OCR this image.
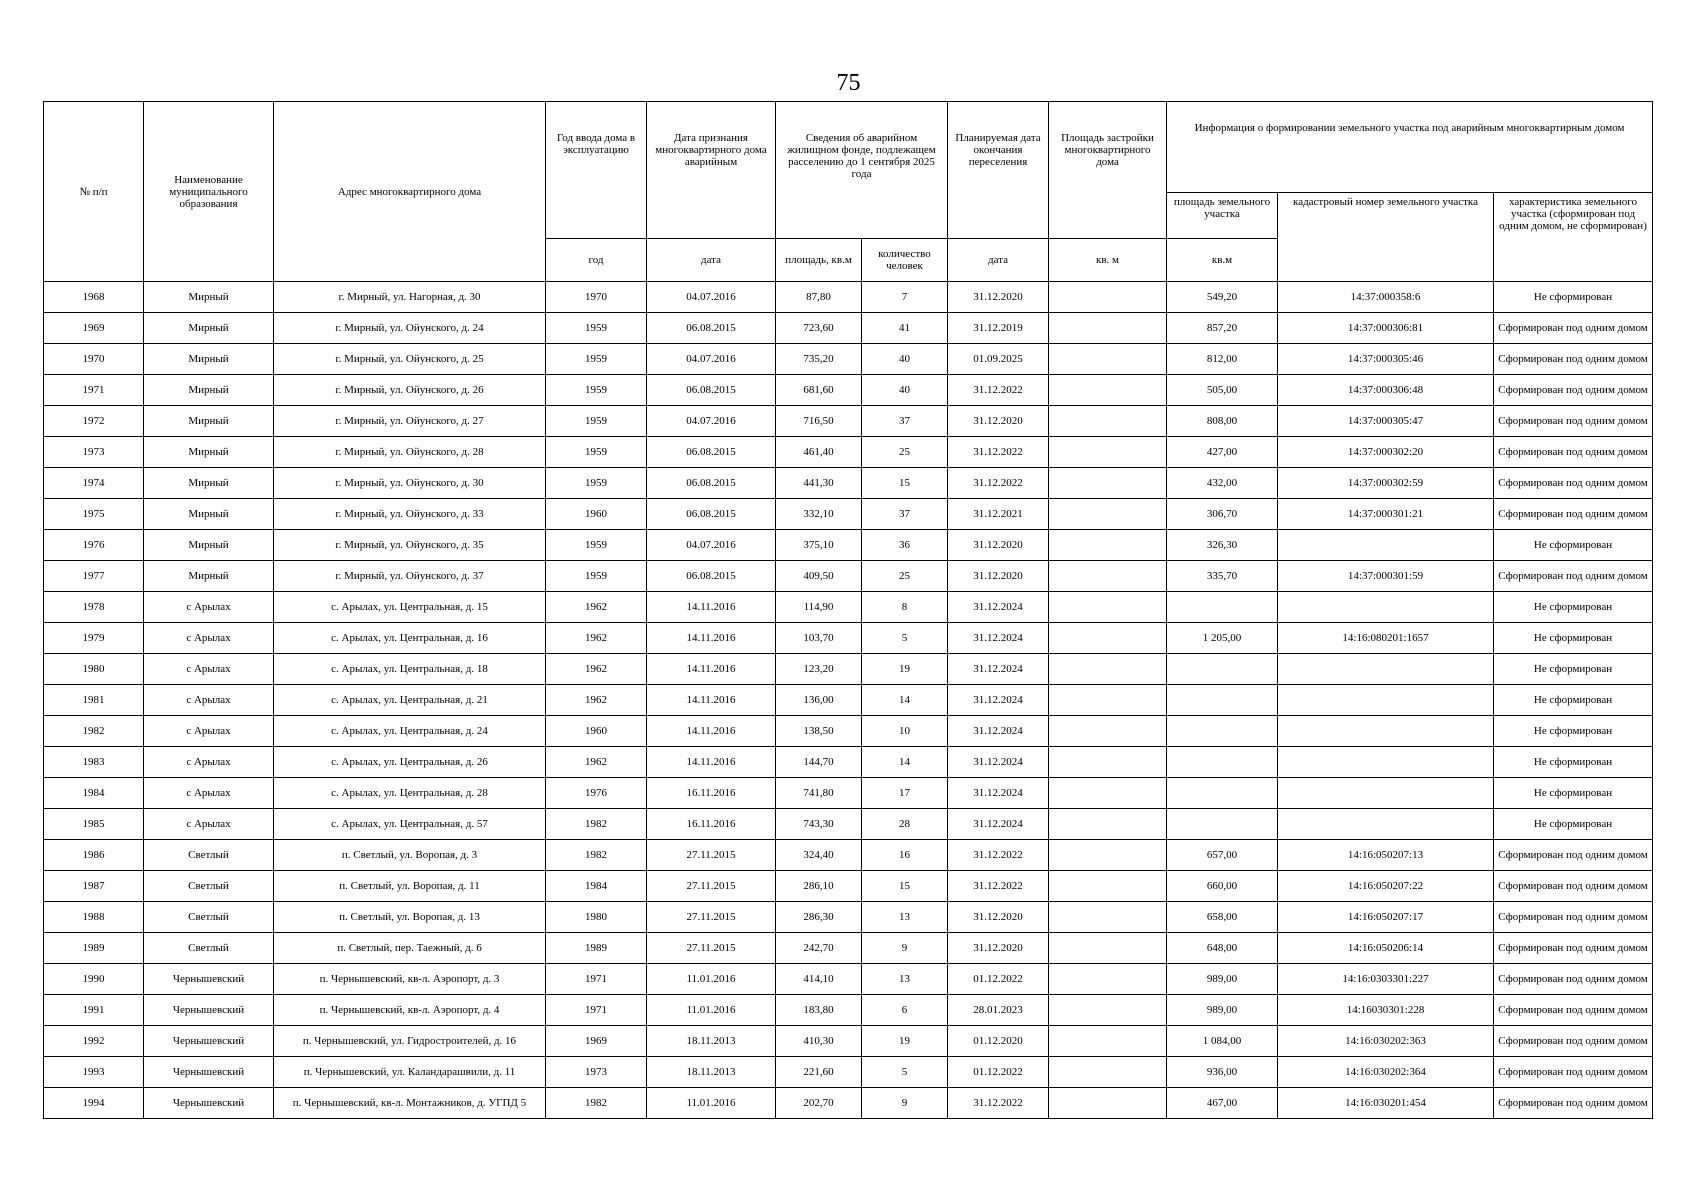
75
№ п/п	Наименование муниципального образования	Адрес многоквартирного дома	Год ввода дома в эксплуатацию	Дата признания многоквартирного дома аварийным	Сведения об аварийном жилищном фонде, подлежащем расселению до 1 сентября 2025 года		Планируемая дата окончания переселения	Площадь застройки многоквартирного дома	Информация о формировании земельного участка под аварийным многоквартирным домом		
									площадь земельного участка	кадастровый номер земельного участка	характеристика земельного участка (сформирован под одним домом, не сформирован)
			год	дата	площадь, кв.м	количество человек	дата	кв. м	кв.м		
1968	Мирный	г. Мирный, ул. Нагорная, д. 30	1970	04.07.2016	87,80	7	31.12.2020		549,20	14:37:000358:6	Не сформирован
1969	Мирный	г. Мирный, ул. Ойунского, д. 24	1959	06.08.2015	723,60	41	31.12.2019		857,20	14:37:000306:81	Сформирован под одним домом
1970	Мирный	г. Мирный, ул. Ойунского, д. 25	1959	04.07.2016	735,20	40	01.09.2025		812,00	14:37:000305:46	Сформирован под одним домом
1971	Мирный	г. Мирный, ул. Ойунского, д. 26	1959	06.08.2015	681,60	40	31.12.2022		505,00	14:37:000306:48	Сформирован под одним домом
1972	Мирный	г. Мирный, ул. Ойунского, д. 27	1959	04.07.2016	716,50	37	31.12.2020		808,00	14:37:000305:47	Сформирован под одним домом
1973	Мирный	г. Мирный, ул. Ойунского, д. 28	1959	06.08.2015	461,40	25	31.12.2022		427,00	14:37:000302:20	Сформирован под одним домом
1974	Мирный	г. Мирный, ул. Ойунского, д. 30	1959	06.08.2015	441,30	15	31.12.2022		432,00	14:37:000302:59	Сформирован под одним домом
1975	Мирный	г. Мирный, ул. Ойунского, д. 33	1960	06.08.2015	332,10	37	31.12.2021		306,70	14:37:000301:21	Сформирован под одним домом
1976	Мирный	г. Мирный, ул. Ойунского, д. 35	1959	04.07.2016	375,10	36	31.12.2020		326,30		Не сформирован
1977	Мирный	г. Мирный, ул. Ойунского, д. 37	1959	06.08.2015	409,50	25	31.12.2020		335,70	14:37:000301:59	Сформирован под одним домом
1978	с Арылах	с. Арылах, ул. Центральная, д. 15	1962	14.11.2016	114,90	8	31.12.2024				Не сформирован
1979	с Арылах	с. Арылах, ул. Центральная, д. 16	1962	14.11.2016	103,70	5	31.12.2024		1 205,00	14:16:080201:1657	Не сформирован
1980	с Арылах	с. Арылах, ул. Центральная, д. 18	1962	14.11.2016	123,20	19	31.12.2024				Не сформирован
1981	с Арылах	с. Арылах, ул. Центральная, д. 21	1962	14.11.2016	136,00	14	31.12.2024				Не сформирован
1982	с Арылах	с. Арылах, ул. Центральная, д. 24	1960	14.11.2016	138,50	10	31.12.2024				Не сформирован
1983	с Арылах	с. Арылах, ул. Центральная, д. 26	1962	14.11.2016	144,70	14	31.12.2024				Не сформирован
1984	с Арылах	с. Арылах, ул. Центральная, д. 28	1976	16.11.2016	741,80	17	31.12.2024				Не сформирован
1985	с Арылах	с. Арылах, ул. Центральная, д. 57	1982	16.11.2016	743,30	28	31.12.2024				Не сформирован
1986	Светлый	п. Светлый, ул. Воропая, д. 3	1982	27.11.2015	324,40	16	31.12.2022		657,00	14:16:050207:13	Сформирован под одним домом
1987	Светлый	п. Светлый, ул. Воропая, д. 11	1984	27.11.2015	286,10	15	31.12.2022		660,00	14:16:050207:22	Сформирован под одним домом
1988	Светлый	п. Светлый, ул. Воропая, д. 13	1980	27.11.2015	286,30	13	31.12.2020		658,00	14:16:050207:17	Сформирован под одним домом
1989	Светлый	п. Светлый, пер. Таежный, д. 6	1989	27.11.2015	242,70	9	31.12.2020		648,00	14:16:050206:14	Сформирован под одним домом
1990	Чернышевский	п. Чернышевский, кв-л. Аэропорт, д. 3	1971	11.01.2016	414,10	13	01.12.2022		989,00	14:16:0303301:227	Сформирован под одним домом
1991	Чернышевский	п. Чернышевский, кв-л. Аэропорт, д. 4	1971	11.01.2016	183,80	6	28.01.2023		989,00	14:16030301:228	Сформирован под одним домом
1992	Чернышевский	п. Чернышевский, ул. Гидростроителей, д. 16	1969	18.11.2013	410,30	19	01.12.2020		1 084,00	14:16:030202:363	Сформирован под одним домом
1993	Чернышевский	п. Чернышевский, ул. Каландарашвили, д. 11	1973	18.11.2013	221,60	5	01.12.2022		936,00	14:16:030202:364	Сформирован под одним домом
1994	Чернышевский	п. Чернышевский, кв-л. Монтажников, д. УГПД 5	1982	11.01.2016	202,70	9	31.12.2022		467,00	14:16:030201:454	Сформирован под одним домом
